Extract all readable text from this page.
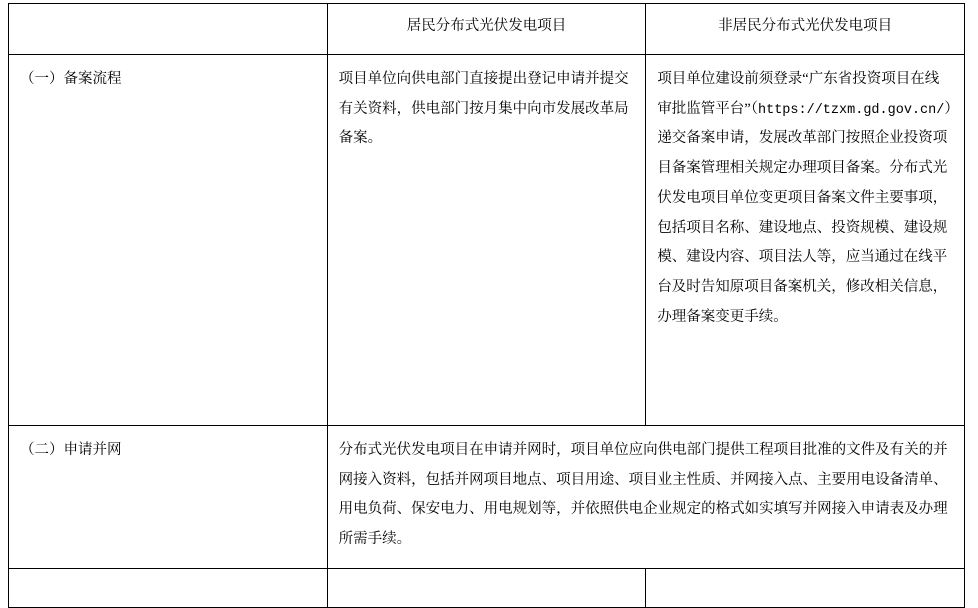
	居民分布式光伏发电项目	非居民分布式光伏发电项目
（一）备案流程	项目单位向供电部门直接提出登记申请并提交有关资料，供电部门按月集中向市发展改革局备案。	项目单位建设前须登录“广东省投资项目在线审批监管平台”（https://tzxm.gd.gov.cn/）递交备案申请，发展改革部门按照企业投资项目备案管理相关规定办理项目备案。分布式光伏发电项目单位变更项目备案文件主要事项，包括项目名称、建设地点、投资规模、建设规模、建设内容、项目法人等，应当通过在线平台及时告知原项目备案机关，修改相关信息，办理备案变更手续。
（二）申请并网	分布式光伏发电项目在申请并网时，项目单位应向供电部门提供工程项目批准的文件及有关的并网接入资料，包括并网项目地点、项目用途、项目业主性质、并网接入点、主要用电设备清单、用电负荷、保安电力、用电规划等，并依照供电企业规定的格式如实填写并网接入申请表及办理所需手续。	
